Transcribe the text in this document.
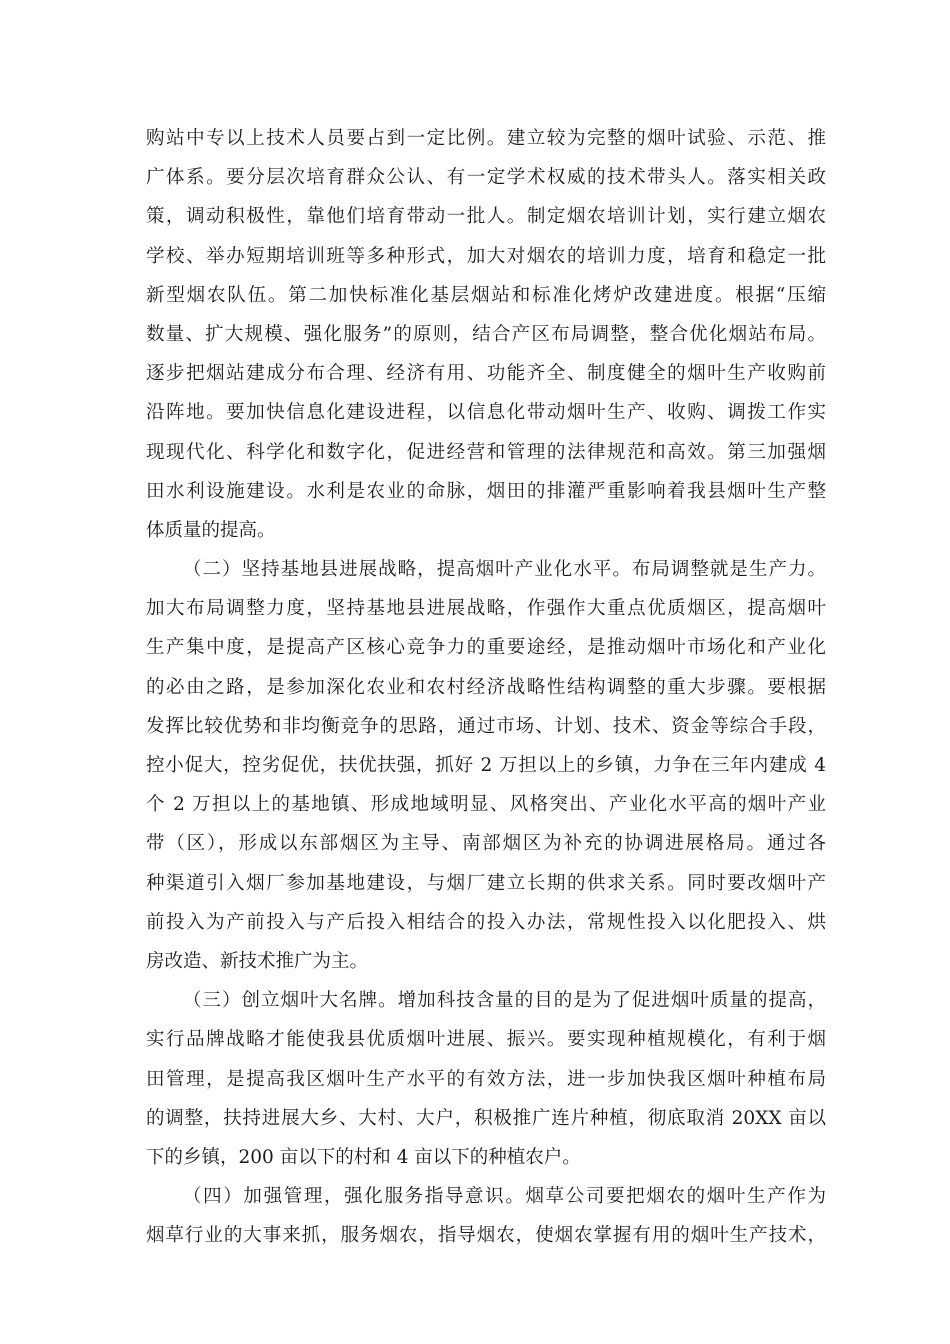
购站中专以上技术人员要占到一定比例。建立较为完整的烟叶试验、示范、推
广体系。要分层次培育群众公认、有一定学术权威的技术带头人。落实相关政
策，调动积极性，靠他们培育带动一批人。制定烟农培训计划，实行建立烟农
学校、举办短期培训班等多种形式，加大对烟农的培训力度，培育和稳定一批
新型烟农队伍。第二加快标准化基层烟站和标准化烤炉改建进度。根据“压缩
数量、扩大规模、强化服务”的原则，结合产区布局调整，整合优化烟站布局。
逐步把烟站建成分布合理、经济有用、功能齐全、制度健全的烟叶生产收购前
沿阵地。要加快信息化建设进程，以信息化带动烟叶生产、收购、调拨工作实
现现代化、科学化和数字化，促进经营和管理的法律规范和高效。第三加强烟
田水利设施建设。水利是农业的命脉，烟田的排灌严重影响着我县烟叶生产整
体质量的提高。
（二）坚持基地县进展战略，提高烟叶产业化水平。布局调整就是生产力。
加大布局调整力度，坚持基地县进展战略，作强作大重点优质烟区，提高烟叶
生产集中度，是提高产区核心竞争力的重要途经，是推动烟叶市场化和产业化
的必由之路，是参加深化农业和农村经济战略性结构调整的重大步骤。要根据
发挥比较优势和非均衡竞争的思路，通过市场、计划、技术、资金等综合手段，
控小促大，控劣促优，扶优扶强，抓好 2 万担以上的乡镇，力争在三年内建成 4
个 2 万担以上的基地镇、形成地域明显、风格突出、产业化水平高的烟叶产业
带（区），形成以东部烟区为主导、南部烟区为补充的协调进展格局。通过各
种渠道引入烟厂参加基地建设，与烟厂建立长期的供求关系。同时要改烟叶产
前投入为产前投入与产后投入相结合的投入办法，常规性投入以化肥投入、烘
房改造、新技术推广为主。
（三）创立烟叶大名牌。增加科技含量的目的是为了促进烟叶质量的提高，
实行品牌战略才能使我县优质烟叶进展、振兴。要实现种植规模化，有利于烟
田管理，是提高我区烟叶生产水平的有效方法，进一步加快我区烟叶种植布局
的调整，扶持进展大乡、大村、大户，积极推广连片种植，彻底取消 20XX 亩以
下的乡镇，200 亩以下的村和 4 亩以下的种植农户。
（四）加强管理，强化服务指导意识。烟草公司要把烟农的烟叶生产作为
烟草行业的大事来抓，服务烟农，指导烟农，使烟农掌握有用的烟叶生产技术，
